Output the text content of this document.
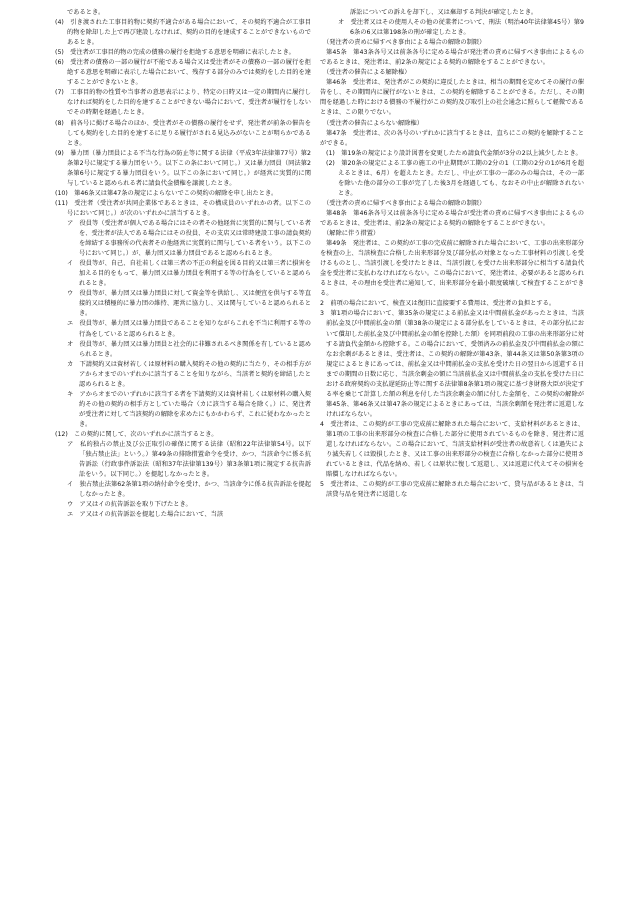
であるとき。

(4)　引き渡された工事目的物に契約不適合がある場合において、その契約不適合が工事目的物を除却した上で再び建設しなければ、契約の目的を達成することができないものであるとき。

(5)　受注者が工事目的物の完成の債務の履行を拒絶する意思を明確に表示したとき。

(6)　受注者の債務の一部の履行が不能である場合又は受注者がその債務の一部の履行を拒絶する意思を明確に表示した場合において、残存する部分のみでは契約をした目的を達することができないとき。

(7)　工事目的物の性質や当事者の意思表示により、特定の日時又は一定の期間内に履行しなければ契約をした目的を達することができない場合において、受注者が履行をしないでその時期を経過したとき。

(8)　前各号に掲げる場合のほか、受注者がその債務の履行をせず、発注者が前条の催告をしても契約をした目的を達するに足りる履行がされる見込みがないことが明らかであるとき。

(9)　暴力団（暴力団員による不当な行為の防止等に関する法律（平成3年法律第77号）第2条第2号に規定する暴力団をいう。以下この条において同じ。）又は暴力団員（同法第2条第6号に規定する暴力団員をいう。以下この条において同じ。）が経営に実質的に関与していると認められる者に請負代金債権を譲渡したとき。

(10)　第46条又は第47条の規定によらないでこの契約の解除を申し出たとき。

(11)　受注者（受注者が共同企業体であるときは、その構成員のいずれかの者。以下この号において同じ。）が次のいずれかに該当するとき。

ア　役員等（受注者が個人である場合にはその者その他経営に実質的に関与している者を、受注者が法人である場合にはその役員、その支店又は常時建設工事の請負契約を締結する事務所の代表者その他経営に実質的に関与している者をいう。以下この号において同じ。）が、暴力団又は暴力団員であると認められるとき。

イ　役員等が、自己、自社若しくは第三者の不正の利益を図る目的又は第三者に損害を加える目的をもって、暴力団又は暴力団員を利用する等の行為をしていると認められるとき。

ウ　役員等が、暴力団又は暴力団員に対して資金等を供給し、又は便宜を供与する等直接的又は積極的に暴力団の維持、運営に協力し、又は関与していると認められるとき。

エ　役員等が、暴力団又は暴力団員であることを知りながらこれを不当に利用する等の行為をしていると認められるとき。

オ　役員等が、暴力団又は暴力団員と社会的に非難されるべき関係を有していると認められるとき。

カ　下請契約又は資材若しくは原材料の購入契約その他の契約に当たり、その相手方がアからオまでのいずれかに該当することを知りながら、当該者と契約を締結したと認められるとき。

キ　アからオまでのいずれかに該当する者を下請契約又は資材若しくは原材料の購入契約その他の契約の相手方としていた場合（カに該当する場合を除く。）に、発注者が受注者に対して当該契約の解除を求めたにもかかわらず、これに従わなかったとき。

(12)　この契約に関して、次のいずれかに該当するとき。

ア　私的独占の禁止及び公正取引の確保に関する法律（昭和22年法律第54号。以下「独占禁止法」という。）第49条の排除措置命令を受け、かつ、当該命令に係る抗告訴訟（行政事件訴訟法（昭和37年法律第139号）第3条第1項に規定する抗告訴訟をいう。以下同じ。）を提起しなかったとき。

イ　独占禁止法第62条第1項の納付命令を受け、かつ、当該命令に係る抗告訴訟を提起しなかったとき。

ウ　ア又はイの抗告訴訟を取り下げたとき。

エ　ア又はイの抗告訴訟を提起した場合において、当該

訴訟についての訴えを却下し、又は棄却する判決が確定したとき。

オ　受注者又はその使用人その他の従業者について、刑法（明治40年法律第45号）第96条の6又は第198条の刑が確定したとき。

（発注者の責めに帰すべき事由による場合の解除の制限）

第45条　第43条各号又は前条各号に定める場合が発注者の責めに帰すべき事由によるものであるときは、発注者は、前2条の規定による契約の解除をすることができない。

（受注者の催告による解除権）

第46条　受注者は、発注者がこの契約に違反したときは、相当の期間を定めてその履行の催告をし、その期間内に履行がないときは、この契約を解除することができる。ただし、その期間を経過した時における債務の不履行がこの契約及び取引上の社会通念に照らして軽微であるときは、この限りでない。

（受注者の催告によらない解除権）

第47条　受注者は、次の各号のいずれかに該当するときは、直ちにこの契約を解除することができる。

(1)　第19条の規定により設計図書を変更したため請負代金額が3分の2以上減少したとき。

(2)　第20条の規定による工事の施工の中止期間が工期の2分の1（工期の2分の1が6月を超えるときは、6月）を超えたとき。ただし、中止が工事の一部のみの場合は、その一部を除いた他の部分の工事が完了した後3月を経過しても、なおその中止が解除されないとき。

（受注者の責めに帰すべき事由による場合の解除の制限）

第48条　第46条各号又は前条各号に定める場合が受注者の責めに帰すべき事由によるものであるときは、受注者は、前2条の規定による契約の解除をすることができない。

（解除に伴う措置）

第49条　発注者は、この契約が工事の完成前に解除された場合において、工事の出来形部分を検査の上、当該検査に合格した出来形部分及び部分払の対象となった工事材料の引渡しを受けるものとし、当該引渡しを受けたときは、当該引渡しを受けた出来形部分に相当する請負代金を受注者に支払わなければならない。この場合において、発注者は、必要があると認められるときは、その理由を受注者に通知して、出来形部分を最小限度破壊して検査することができる。

2　前項の場合において、検査又は復旧に直接要する費用は、受注者の負担とする。

3　第1項の場合において、第35条の規定による前払金又は中間前払金があったときは、当該前払金及び中間前払金の額（第38条の規定による部分払をしているときは、その部分払において償却した前払金及び中間前払金の額を控除した額）を同項前段の工事の出来形部分に対する請負代金額から控除する。この場合において、受領済みの前払金及び中間前払金の額になお余剰があるときは、受注者は、この契約の解除が第43条、第44条又は第50条第3項の規定によるときにあっては、前払金又は中間前払金の支払を受けた日の翌日から返還する日までの期間の日数に応じ、当該余剰金の額に当該前払金又は中間前払金の支払を受けた日における政府契約の支払遅延防止等に関する法律第8条第1項の規定に基づき財務大臣が決定する率を乗じて計算した額の利息を付した当該余剰金の額に付した金額を、この契約の解除が第45条、第46条又は第47条の規定によるときにあっては、当該余剰額を発注者に返還しなければならない。

4　受注者は、この契約が工事の完成前に解除された場合において、支給材料があるときは、第1項の工事の出来形部分の検査に合格した部分に使用されているものを除き、発注者に返還しなければならない。この場合において、当該支給材料が受注者の故意若しくは過失により滅失若しくは毀損したとき、又は工事の出来形部分の検査に合格しなかった部分に使用されているときは、代品を納め、若しくは原状に復して返還し、又は返還に代えてその損害を賠償しなければならない。

5　受注者は、この契約が工事の完成前に解除された場合において、貸与品があるときは、当該貸与品を発注者に返還しな
